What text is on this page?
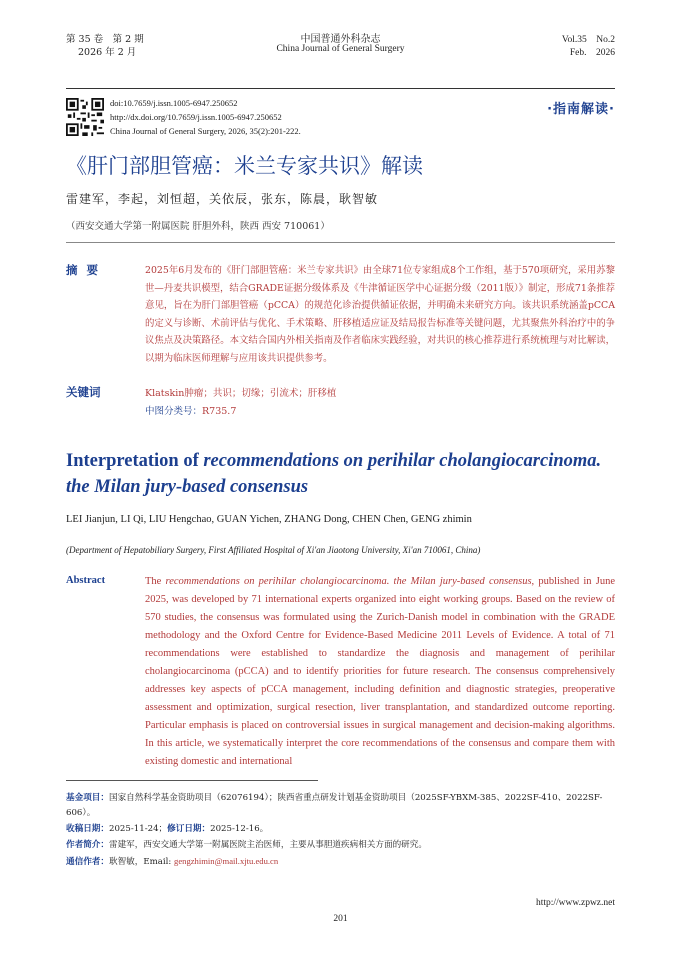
第 35 卷　第 2 期
2026 年 2 月
中国普通外科杂志
China Journal of General Surgery
Vol.35　No.2
Feb.　2026
doi:10.7659/j.issn.1005-6947.250652
http://dx.doi.org/10.7659/j.issn.1005-6947.250652
China Journal of General Surgery, 2026, 35(2):201-222.
·指南解读·
《肝门部胆管癌：米兰专家共识》解读
雷建军，李起，刘恒超，关依辰，张东，陈晨，耿智敏
（西安交通大学第一附属医院 肝胆外科，陕西 西安 710061）
摘要	2025年6月发布的《肝门部胆管癌：米兰专家共识》由全球71位专家组成8个工作组，基于570项研究，采用苏黎世—丹麦共识模型，结合GRADE证据分级体系及《牛津循证医学中心证据分级（2011版）》制定，形成71条推荐意见，旨在为肝门部胆管癌（pCCA）的规范化诊治提供循证依据，并明确未来研究方向。该共识系统涵盖pCCA的定义与诊断、术前评估与优化、手术策略、肝移植适应证及结局报告标准等关键问题，尤其聚焦外科治疗中的争议焦点及决策路径。本文结合国内外相关指南及作者临床实践经验，对共识的核心推荐进行系统梳理与对比解读，以期为临床医师理解与应用该共识提供参考。
关键词	Klatskin肿瘤；共识；切缘；引流术；肝移植
中图分类号：R735.7
Interpretation of recommendations on perihilar cholangiocarcinoma. the Milan jury-based consensus
LEI Jianjun, LI Qi, LIU Hengchao, GUAN Yichen, ZHANG Dong, CHEN Chen, GENG zhimin
(Department of Hepatobiliary Surgery, First Affiliated Hospital of Xi'an Jiaotong University, Xi'an 710061, China)
Abstract	The recommendations on perihilar cholangiocarcinoma. the Milan jury-based consensus, published in June 2025, was developed by 71 international experts organized into eight working groups. Based on the review of 570 studies, the consensus was formulated using the Zurich-Danish model in combination with the GRADE methodology and the Oxford Centre for Evidence-Based Medicine 2011 Levels of Evidence. A total of 71 recommendations were established to standardize the diagnosis and management of perihilar cholangiocarcinoma (pCCA) and to identify priorities for future research. The consensus comprehensively addresses key aspects of pCCA management, including definition and diagnostic strategies, preoperative assessment and optimization, surgical resection, liver transplantation, and standardized outcome reporting. Particular emphasis is placed on controversial issues in surgical management and decision-making algorithms. In this article, we systematically interpret the core recommendations of the consensus and compare them with existing domestic and international
基金项目：国家自然科学基金资助项目（62076194）；陕西省重点研发计划基金资助项目（2025SF-YBXM-385、2022SF-410、2022SF-606）。
收稿日期：2025-11-24；修订日期：2025-12-16。
作者简介：雷建军，西安交通大学第一附属医院主治医师，主要从事胆道疾病相关方面的研究。
通信作者：耿智敏，Email: gengzhimin@mail.xjtu.edu.cn
http://www.zpwz.net
201
